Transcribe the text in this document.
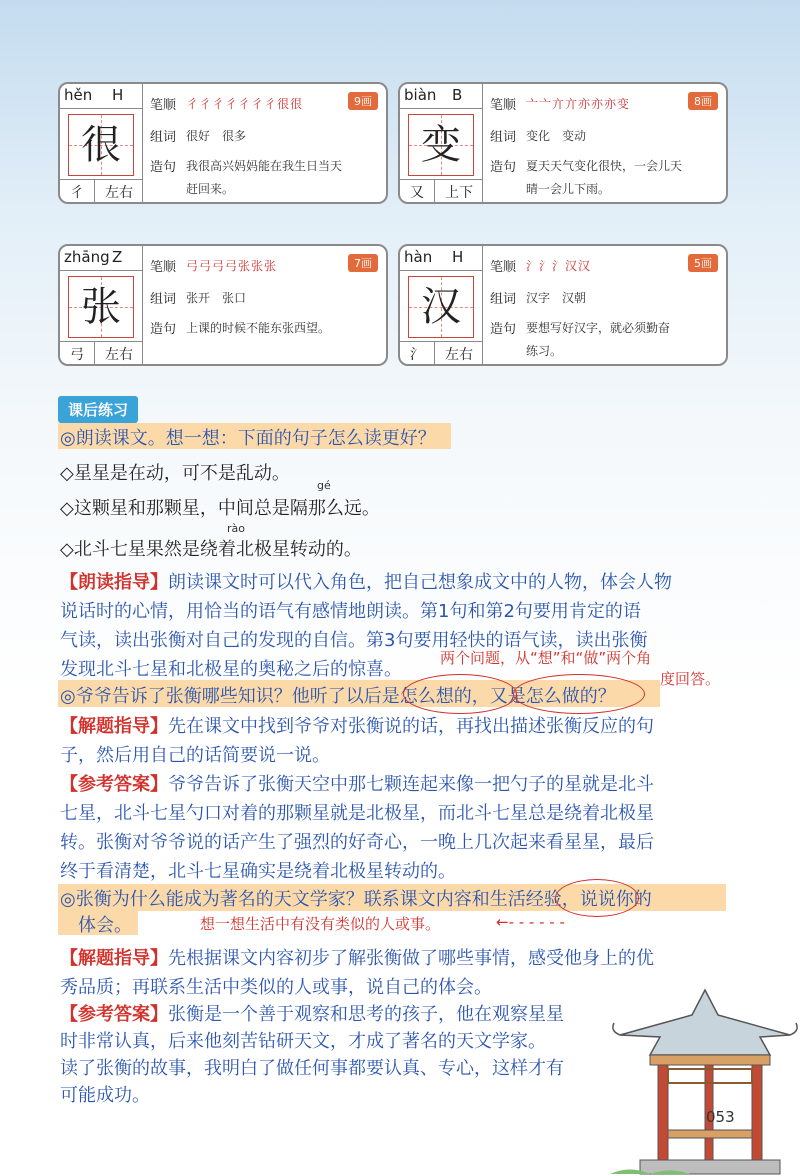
hěn H
很
彳	左右
笔顺 彳彳彳彳彳彳彳很很	9画
组词 很好　很多
造句 我很高兴妈妈能在我生日当天
赶回来。
biàn B
变
又	上下
笔顺 亠亠亣亣亦亦亦变	8画
组词 变化　变动
造句 夏天天气变化很快，一会儿天
晴一会儿下雨。
zhāng Z
张
弓	左右
笔顺 弓弓弓弓张张张	7画
组词 张开　张口
造句 上课的时候不能东张西望。
hàn H
汉
氵	左右
笔顺 氵氵氵汉汉	5画
组词 汉字　汉朝
造句 要想写好汉字，就必须勤奋
练习。
课后练习
◎朗读课文。想一想：下面的句子怎么读更好？
◇星星是在动，可不是乱动。
gé
◇这颗星和那颗星，中间总是隔那么远。
rào
◇北斗七星果然是绕着北极星转动的。
【朗读指导】朗读课文时可以代入角色，把自己想象成文中的人物，体会人物
说话时的心情，用恰当的语气有感情地朗读。第1句和第2句要用肯定的语
气读，读出张衡对自己的发现的自信。第3句要用轻快的语气读，读出张衡
发现北斗七星和北极星的奥秘之后的惊喜。
两个问题，从“想”和“做”两个角
度回答。
◎爷爷告诉了张衡哪些知识？他听了以后是怎么想的，又是怎么做的？
【解题指导】先在课文中找到爷爷对张衡说的话，再找出描述张衡反应的句
子，然后用自己的话简要说一说。
【参考答案】爷爷告诉了张衡天空中那七颗连起来像一把勺子的星就是北斗
七星，北斗七星勺口对着的那颗星就是北极星，而北斗七星总是绕着北极星
转。张衡对爷爷说的话产生了强烈的好奇心，一晚上几次起来看星星，最后
终于看清楚，北斗七星确实是绕着北极星转动的。
◎张衡为什么能成为著名的天文学家？联系课文内容和生活经验，说说你的
体会。	想一想生活中有没有类似的人或事。	←- - - - - -
【解题指导】先根据课文内容初步了解张衡做了哪些事情，感受他身上的优
秀品质；再联系生活中类似的人或事，说自己的体会。
【参考答案】张衡是一个善于观察和思考的孩子，他在观察星星
时非常认真，后来他刻苦钻研天文，才成了著名的天文学家。
读了张衡的故事，我明白了做任何事都要认真、专心，这样才有
可能成功。
053
